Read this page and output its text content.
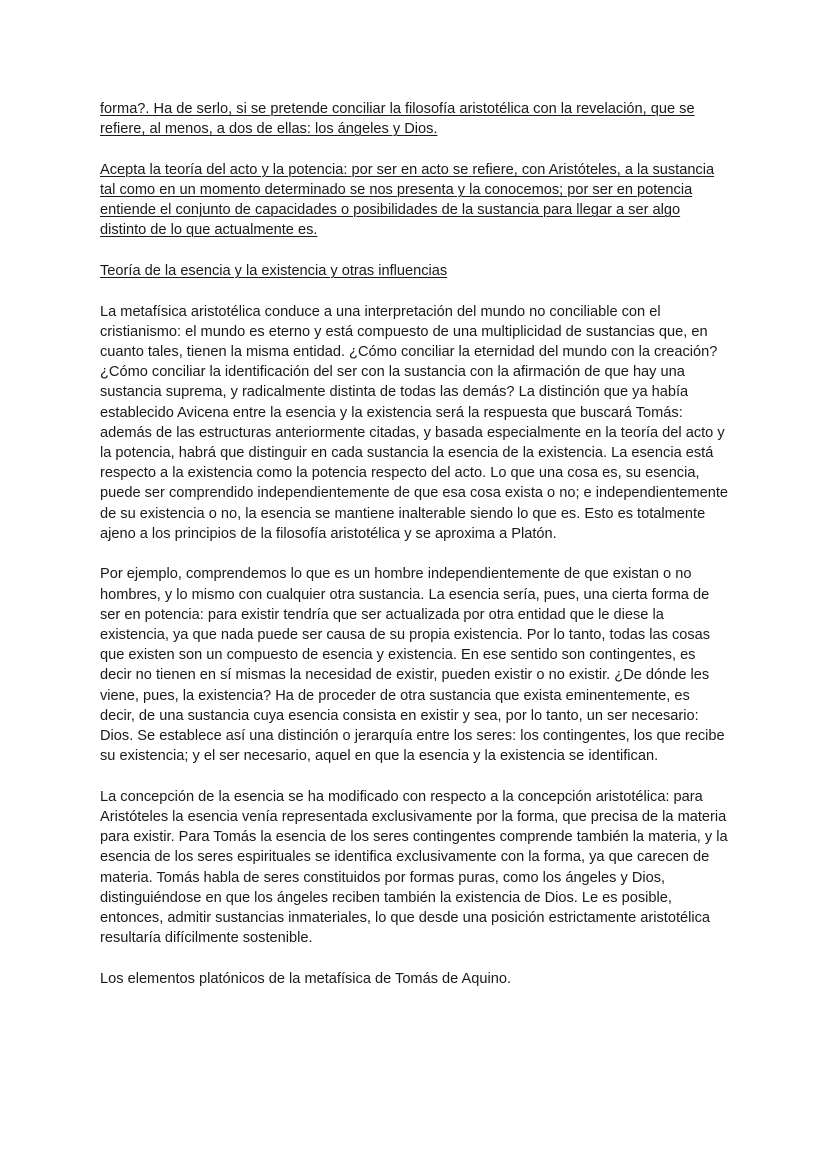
forma?. Ha de serlo, si se pretende conciliar la filosofía aristotélica con la revelación, que se refiere, al menos, a dos de ellas: los ángeles y Dios.

Acepta la teoría del acto y la potencia: por ser en acto se refiere, con Aristóteles, a la sustancia tal como en un momento determinado se nos presenta y la conocemos; por ser en potencia entiende el conjunto de capacidades o posibilidades de la sustancia para llegar a ser algo distinto de lo que actualmente es.

Teoría de la esencia y la existencia y otras influencias

La metafísica aristotélica conduce a una interpretación del mundo no conciliable con el cristianismo: el mundo es eterno y está compuesto de una multiplicidad de sustancias que, en cuanto tales, tienen la misma entidad. ¿Cómo conciliar la eternidad del mundo con la creación? ¿Cómo conciliar la identificación del ser con la sustancia con la afirmación de que hay una sustancia suprema, y radicalmente distinta de todas las demás? La distinción que ya había establecido Avicena entre la esencia y la existencia será la respuesta que buscará Tomás: además de las estructuras anteriormente citadas, y basada especialmente en la teoría del acto y la potencia, habrá que distinguir en cada sustancia la esencia de la existencia. La esencia está respecto a la existencia como la potencia respecto del acto. Lo que una cosa es, su esencia, puede ser comprendido independientemente de que esa cosa exista o no; e independientemente de su existencia o no, la esencia se mantiene inalterable siendo lo que es. Esto es totalmente ajeno a los principios de la filosofía aristotélica y se aproxima a Platón.

Por ejemplo, comprendemos lo que es un hombre independientemente de que existan o no hombres, y lo mismo con cualquier otra sustancia. La esencia sería, pues, una cierta forma de ser en potencia: para existir tendría que ser actualizada por otra entidad que le diese la existencia, ya que nada puede ser causa de su propia existencia. Por lo tanto, todas las cosas que existen son un compuesto de esencia y existencia. En ese sentido son contingentes, es decir no tienen en sí mismas la necesidad de existir, pueden existir o no existir. ¿De dónde les viene, pues, la existencia? Ha de proceder de otra sustancia que exista eminentemente, es decir, de una sustancia cuya esencia consista en existir y sea, por lo tanto, un ser necesario: Dios. Se establece así una distinción o jerarquía entre los seres: los contingentes, los que recibe su existencia; y el ser necesario, aquel en que la esencia y la existencia se identifican.

La concepción de la esencia se ha modificado con respecto a la concepción aristotélica: para Aristóteles la esencia venía representada exclusivamente por la forma, que precisa de la materia para existir. Para Tomás la esencia de los seres contingentes comprende también la materia, y la esencia de los seres espirituales se identifica exclusivamente con la forma, ya que carecen de materia. Tomás habla de seres constituidos por formas puras, como los ángeles y Dios, distinguiéndose en que los ángeles reciben también la existencia de Dios. Le es posible, entonces, admitir sustancias inmateriales, lo que desde una posición estrictamente aristotélica resultaría difícilmente sostenible.

Los elementos platónicos de la metafísica de Tomás de Aquino.
